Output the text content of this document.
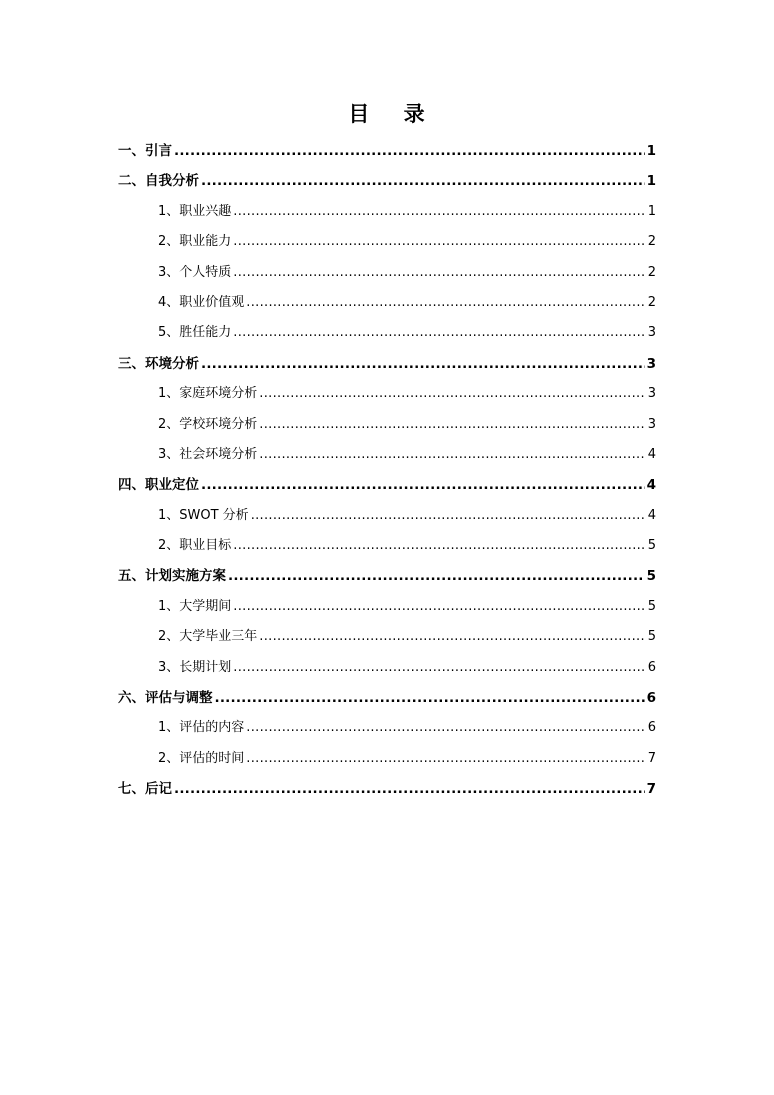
目    录
一、引言 .....	1
二、自我分析 .....	1
1、职业兴趣 .....	1
2、职业能力 .....	2
3、个人特质 .....	2
4、职业价值观 .....	2
5、胜任能力 .....	3
三、环境分析 .....	3
1、家庭环境分析 .....	3
2、学校环境分析 .....	3
3、社会环境分析 .....	4
四、职业定位 .....	4
1、SWOT 分析 .....	4
2、职业目标 .....	5
五、计划实施方案 .....	5
1、大学期间 .....	5
2、大学毕业三年 .....	5
3、长期计划 .....	6
六、评估与调整 .....	6
1、评估的内容 .....	6
2、评估的时间 .....	7
七、后记 .....	7
